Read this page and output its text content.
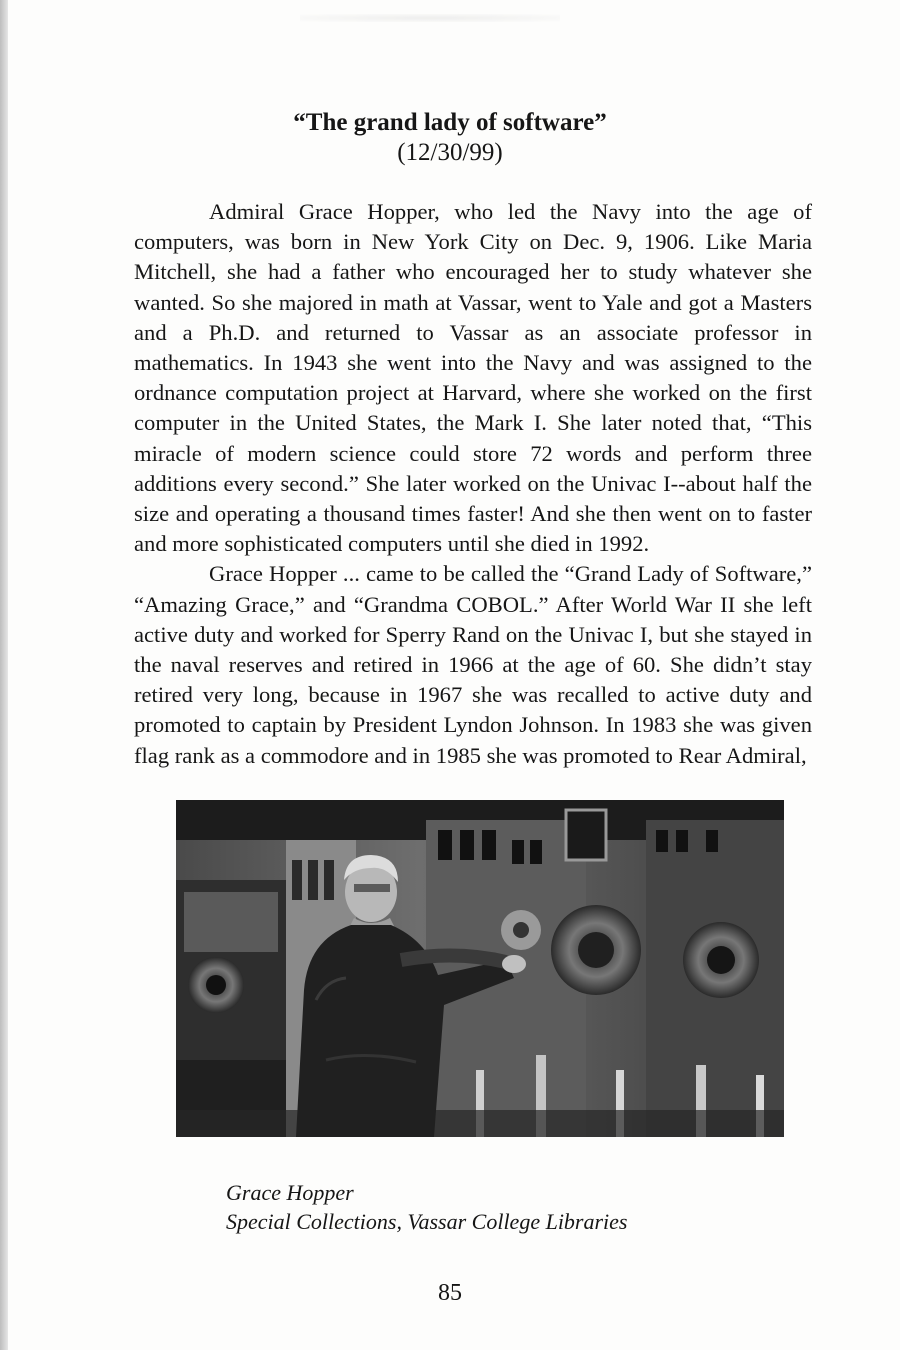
“The grand lady of software”
(12/30/99)

Admiral Grace Hopper, who led the Navy into the age of computers, was born in New York City on Dec. 9, 1906. Like Maria Mitchell, she had a father who encouraged her to study whatever she wanted. So she majored in math at Vassar, went to Yale and got a Masters and a Ph.D. and returned to Vassar as an associate professor in mathematics. In 1943 she went into the Navy and was assigned to the ordnance computation project at Harvard, where she worked on the first computer in the United States, the Mark I. She later noted that, “This miracle of modern science could store 72 words and perform three additions every second.” She later worked on the Univac I--about half the size and operating a thousand times faster! And she then went on to faster and more sophisticated computers until she died in 1992.

Grace Hopper ... came to be called the “Grand Lady of Software,” “Amazing Grace,” and “Grandma COBOL.” After World War II she left active duty and worked for Sperry Rand on the Univac I, but she stayed in the naval reserves and retired in 1966 at the age of 60. She didn’t stay retired very long, because in 1967 she was recalled to active duty and promoted to captain by President Lyndon Johnson. In 1983 she was given flag rank as a commodore and in 1985 she was promoted to Rear Admiral,

Grace Hopper
Special Collections, Vassar College Libraries
85
